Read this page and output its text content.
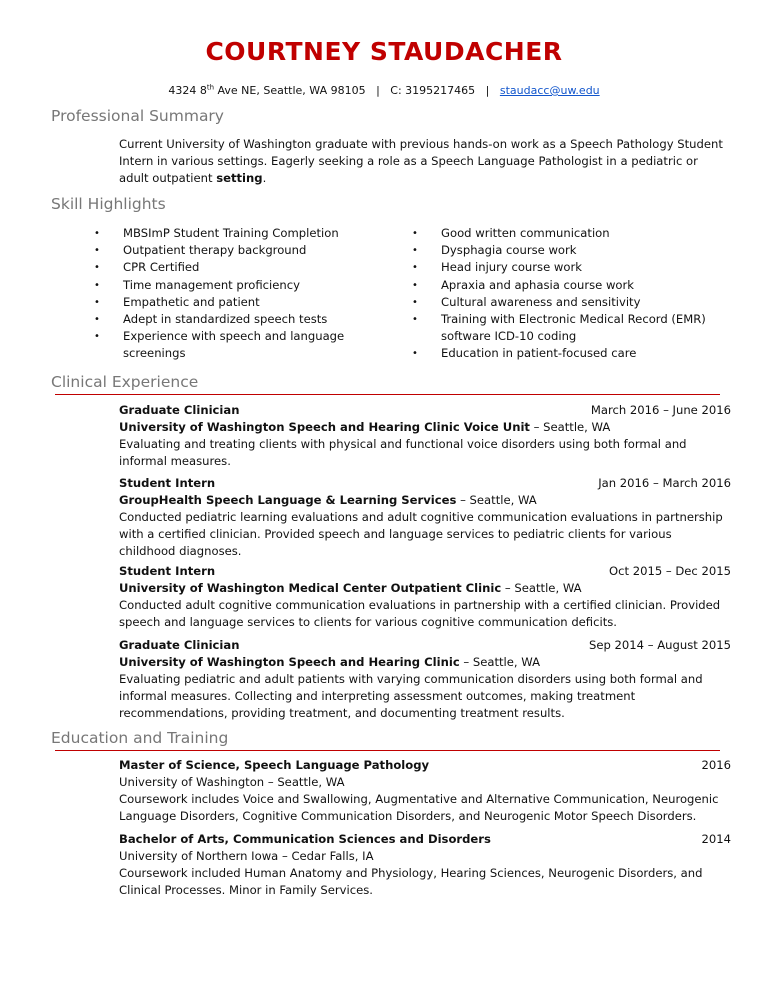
COURTNEY STAUDACHER
4324 8th Ave NE, Seattle, WA 98105 | C: 3195217465 | staudacc@uw.edu
Professional Summary

Current University of Washington graduate with previous hands-on work as a Speech Pathology Student Intern in various settings. Eagerly seeking a role as a Speech Language Pathologist in a pediatric or adult outpatient setting.

Skill Highlights
• MBSImP Student Training Completion
• Outpatient therapy background
• CPR Certified
• Time management proficiency
• Empathetic and patient
• Adept in standardized speech tests
• Experience with speech and language screenings
• Good written communication
• Dysphagia course work
• Head injury course work
• Apraxia and aphasia course work
• Cultural awareness and sensitivity
• Training with Electronic Medical Record (EMR) software ICD-10 coding
• Education in patient-focused care
Clinical Experience
Graduate Clinician	March 2016 – June 2016

University of Washington Speech and Hearing Clinic Voice Unit – Seattle, WA

Evaluating and treating clients with physical and functional voice disorders using both formal and informal measures.

Student Intern	Jan 2016 – March 2016

GroupHealth Speech Language & Learning Services – Seattle, WA

Conducted pediatric learning evaluations and adult cognitive communication evaluations in partnership with a certified clinician. Provided speech and language services to pediatric clients for various childhood diagnoses.

Student Intern	Oct 2015 – Dec 2015

University of Washington Medical Center Outpatient Clinic – Seattle, WA

Conducted adult cognitive communication evaluations in partnership with a certified clinician. Provided speech and language services to clients for various cognitive communication deficits.

Graduate Clinician	Sep 2014 – August 2015

University of Washington Speech and Hearing Clinic – Seattle, WA

Evaluating pediatric and adult patients with varying communication disorders using both formal and informal measures. Collecting and interpreting assessment outcomes, making treatment recommendations, providing treatment, and documenting treatment results.

Education and Training
Master of Science, Speech Language Pathology	2016

University of Washington – Seattle, WA

Coursework includes Voice and Swallowing, Augmentative and Alternative Communication, Neurogenic Language Disorders, Cognitive Communication Disorders, and Neurogenic Motor Speech Disorders.

Bachelor of Arts, Communication Sciences and Disorders	2014

University of Northern Iowa – Cedar Falls, IA

Coursework included Human Anatomy and Physiology, Hearing Sciences, Neurogenic Disorders, and Clinical Processes. Minor in Family Services.
